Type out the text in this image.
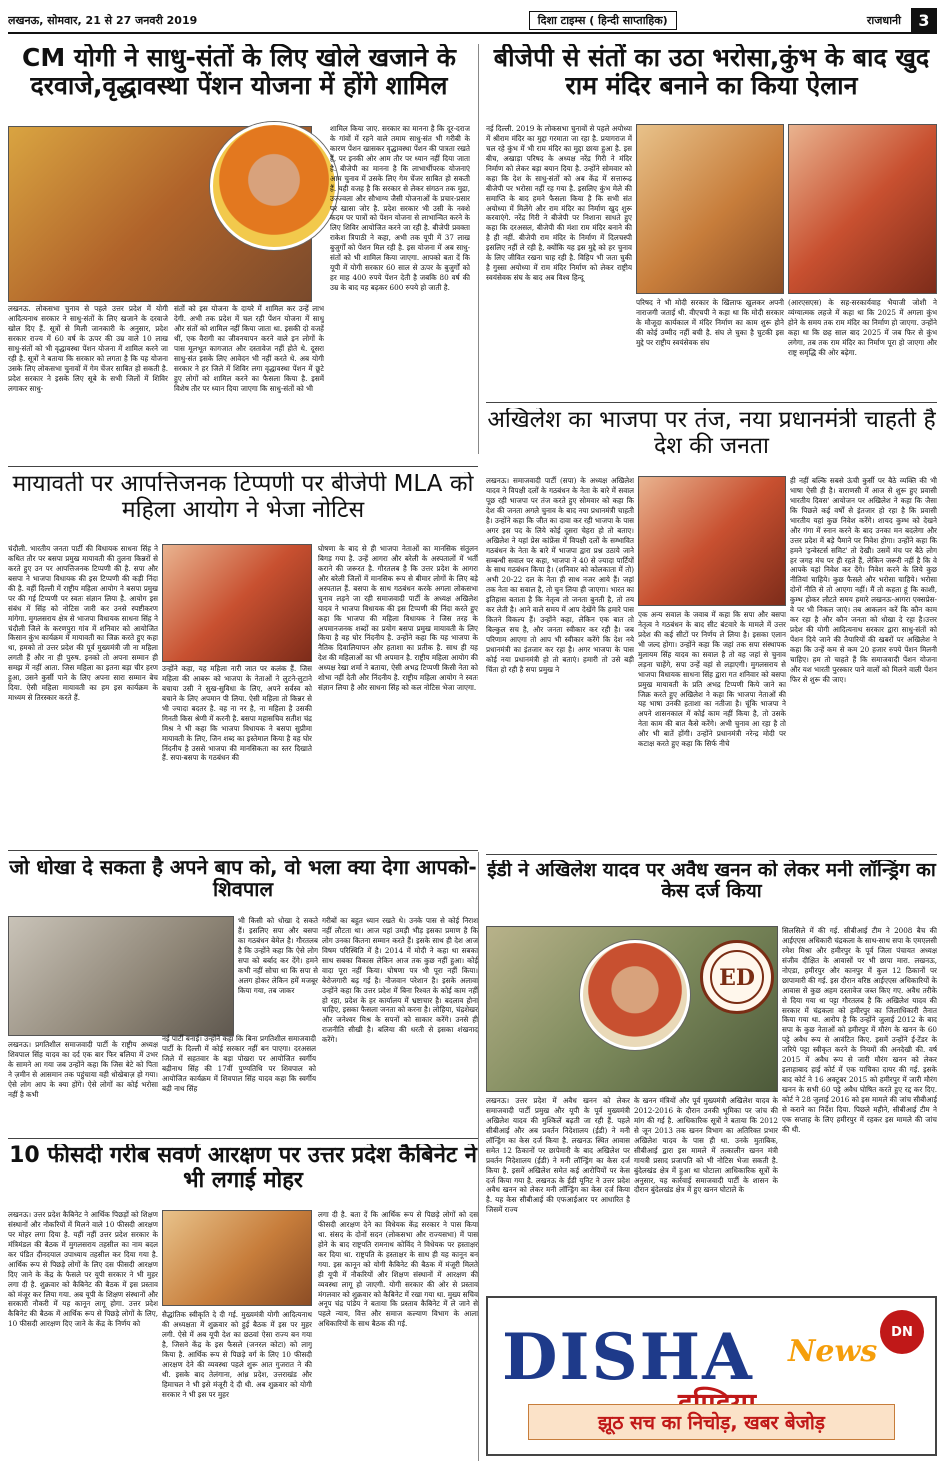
लखनऊ, सोमवार, 21 से 27 जनवरी 2019	दिशा टाइम्स ( हिन्दी साप्ताहिक)	राजधानी	3
CM योगी ने साधु-संतों के लिए खोले खजाने के दरवाजे,वृद्धावस्था पेंशन योजना में होंगे शामिल
शामिल किया जाए. सरकार का मानना है कि दूर-दराज के गांवों में रहने वाले तमाम साधु-संत भी गरीबी के कारण पेंशन खासकर वृद्धावस्था पेंशन की पात्रता रखते हैं, पर इनकी ओर आम तौर पर ध्यान नहीं दिया जाता है. बीजेपी का मानना है कि लाभार्थीपरक योजनाएं आम चुनाव में उसके लिए गेम चेंजर साबित हो सकती हैं. यही वजह है कि सरकार से लेकर संगठन तक मुद्रा, उज्ज्वला और सौभाग्य जैसी योजनाओं के प्रचार-प्रसार पर खासा जोर है. प्रदेश सरकार भी उसी के नक्शे कदम पर पात्रों को पेंशन योजना से लाभान्वित करने के लिए शिविर आयोजित करने जा रही है. बीजेपी प्रवक्ता राकेश त्रिपाठी ने कहा, अभी तक यूपी में 37 लाख बुजुर्गों को पेंशन मिल रही है. इस योजना में अब साधु-संतों को भी शामिल किया जाएगा. आपको बता दें कि यूपी में योगी सरकार 60 साल से ऊपर के बुजुर्गों को हर माह 400 रुपये पेंशन देती है जबकि 80 वर्ष की उम्र के बाद यह बढ़कर 600 रुपये हो जाती है.
लखनऊ. लोकसभा चुनाव से पहले उत्तर प्रदेश में योगी आदित्यनाथ सरकार ने साधु-संतों के लिए खजाने के दरवाजे खोल दिए हैं. सूत्रों से मिली जानकारी के अनुसार, प्रदेश सरकार राज्य में 60 वर्ष के ऊपर की उम्र वाले 10 लाख साधु-संतों को भी वृद्धावस्था पेंशन योजना में शामिल करने जा रही है. सूत्रों ने बताया कि सरकार को लगता है कि यह योजना उसके लिए लोकसभा चुनावों में गेम चेंजर साबित हो सकती है. प्रदेश सरकार ने इसके लिए सूबे के सभी जिलों में शिविर लगाकर साधु-
संतों को इस योजना के दायरे में शामिल कर उन्हें लाभ देगी. अभी तक प्रदेश में चल रही पेंशन योजना में साधु और संतों को शामिल नहीं किया जाता था. इसकी दो वजहें थीं, एक वैरागी का जीवनयापन करने वाले इन लोगों के पास मूलभूत कागजात और दस्तावेज नहीं होते थे. दूसरा साधु-संत इसके लिए आवेदन भी नहीं करते थे. अब योगी सरकार ने हर जिले में शिविर लगा वृद्धावस्था पेंशन में छूटे हुए लोगों को शामिल करने का फैसला किया है. इसमें विशेष तौर पर ध्यान दिया जाएगा कि साधु-संतों को भी
बीजेपी से संतों का उठा भरोसा,कुंभ के बाद खुद राम मंदिर बनाने का किया ऐलान
नई दिल्ली. 2019 के लोकसभा चुनावों से पहले अयोध्या में श्रीराम मंदिर का मुद्दा गरमाता जा रहा है. प्रयागराज में चल रहे कुंभ में भी राम मंदिर का मुद्दा छाया हुआ है. इस बीच, अखाड़ा परिषद के अध्यक्ष नरेंद्र गिरी ने मंदिर निर्माण को लेकर बड़ा बयान दिया है. उन्होंने सोमवार को कहा कि देश के साधु-संतों को अब केंद्र में सत्तारूढ़ बीजेपी पर भरोसा नहीं रह गया है. इसलिए कुंभ मेले की समाप्ति के बाद हमने फैसला किया है कि सभी संत अयोध्या में मिलेंगे और राम मंदिर का निर्माण खुद शुरू करवाएंगे. नरेंद्र गिरी ने बीजेपी पर निशाना साधते हुए कहा कि दरअसल, बीजेपी की मंशा राम मंदिर बनाने की है ही नहीं. बीजेपी राम मंदिर के निर्माण में दिलचस्पी इसलिए नहीं ले रही है, क्योंकि यह इस मुद्दे को हर चुनाव के लिए जीवित रखना चाह रही है. विहिप भी जता चुकी है गुस्सा अयोध्या में राम मंदिर निर्माण को लेकर राष्ट्रीय स्वयंसेवक संघ के बाद अब विश्व हिन्दू
परिषद ने भी मोदी सरकार के खिलाफ खुलकर अपनी नाराजगी जताई थी. वीएचपी ने कहा था कि मोदी सरकार के मौजूदा कार्यकाल में मंदिर निर्माण का काम शुरू होने की कोई उम्मीद नहीं बची है. संघ ले चुका है चुटकी इस मुद्दे पर राष्ट्रीय स्वयंसेवक संघ
(आरएसएस) के सह-सरकार्यवाह भैयाजी जोशी ने व्यंग्यात्मक लहजे में कहा था कि 2025 में अगला कुंभ होने के समय तक राम मंदिर का निर्माण हो जाएगा. उन्होंने कहा था कि छह साल बाद 2025 में जब फिर से कुंभ लगेगा, तब तक राम मंदिर का निर्माण पूरा हो जाएगा और राष्ट्र समृद्धि की ओर बढ़ेगा.
अखिलेश का भाजपा पर तंज, नया प्रधानमंत्री चाहती है देश की जनता
लखनऊ। समाजवादी पार्टी (सपा) के अध्यक्ष अखिलेश यादव ने विपक्षी दलों के गठबंधन के नेता के बारे में सवाल पूछ रही भाजपा पर तंज करते हुए सोमवार को कहा कि देश की जनता अगले चुनाव के बाद नया प्रधानमंत्री चाहती है। उन्होंने कहा कि जीत का दावा कर रही भाजपा के पास अगर इस पद के लिये कोई दूसरा चेहरा हो तो बताए। अखिलेश ने यहां प्रेस कांफ्रेंस में विपक्षी दलों के सम्भावित गठबंधन के नेता के बारे में भाजपा द्वारा प्रश्न उठाये जाने सम्बन्धी सवाल पर कहा, भाजपा ने 40 से ज्यादा पार्टियों के साथ गठबंधन किया है। (शनिवार को कोलकाता में तो) अभी 20-22 दल के नेता ही साथ नजर आये हैं। जहां तक नेता का सवाल है, तो चुन लिया ही जाएगा। भारत का इतिहास बताता है कि नेतृत्व तो जनता बुनती है, तो तय कर लेती है। आने वाले समय में आप देखेंगे कि हमारे पास कितने विकल्प हैं। उन्होंने कहा, लेकिन एक बात तो बिल्कुल सच है, और जनता स्वीकार कर रही है। जब परिणाम आएगा तो आप भी स्वीकार करेंगे कि देश नये प्रधानमंत्री का इंतजार कर रहा है। अगर भाजपा के पास कोई नया प्रधानमंत्री हो तो बताएं। हमारी तो उसे बड़ी चिंता हो रही है सपा प्रमुख ने
एक अन्य सवाल के जवाब में कहा कि सपा और बसपा नेतृत्व ने गठबंधन के बाद सीट बंटवारे के मामले में उत्तर प्रदेश की कई सीटों पर निर्णय ले लिया है। इसका एलान भी जल्द होगा। उन्होंने कहा कि जहां तक सपा संस्थापक मुलायम सिंह यादव का सवाल है तो वह जहां से चुनाव लड़ना चाहेंगे, सपा उन्हें वहां से लड़ाएगी। मुगलसराय से भाजपा विधायक साधना सिंह द्वारा गत शनिवार को बसपा प्रमुख मायावती के प्रति अभद्र टिप्पणी किये जाने का जिक्र करते हुए अखिलेश ने कहा कि भाजपा नेताओं की यह भाषा उनकी हताशा का नतीजा है। चूंकि भाजपा ने अपने शासनकाल में कोई काम नहीं किया है, तो उसके नेता काम की बात कैसे करेंगे। अभी चुनाव आ रहा है तो और भी बातें होंगी। उन्होंने प्रधानमंत्री नरेन्द्र मोदी पर कटाक्ष करते हुए कहा कि सिर्फ नीचे
ही नहीं बल्कि सबसे ऊंची कुर्सी पर बैठे व्यक्ति की भी भाषा ऐसी ही है। वाराणसी में आज से शुरू हुए प्रवासी भारतीय दिवस' आयोजन पर अखिलेश ने कहा कि जैसा कि पिछले कई वर्षों से इंतजार हो रहा है कि प्रवासी भारतीय यहां कुछ निवेश करेंगे। शायद कुम्भ को देखने और गंगा में स्नान करने के बाद उनका मन बदलेगा और उत्तर प्रदेश में बड़े पैमाने पर निवेश होगा। उन्होंने कहा कि हमने 'इन्वेस्टर्स समिट' तो देखी। उसमें मंच पर बैठे लोग हर जगह मंच पर ही रहते हैं, लेकिन जरूरी नहीं है कि वे आपके यहां निवेश कर देंगे। निवेश करने के लिये कुछ नीतियां चाहिये। कुछ फैसले और भरोसा चाहिये। भरोसा दोनों नीति से तो आएगा नहीं। मैं तो कहता हूं कि काशी, कुम्भ होकर लौटते समय हमारे लखनऊ-आगरा एक्सप्रेस-वे पर भी निकल जाएं। तब आकलन करें कि कौन काम कर रहा है और कौन जनता को धोखा दे रहा है।उत्तर प्रदेश की योगी आदित्यनाथ सरकार द्वारा साधु-संतों को पेंशन दिये जाने की तैयारियों की खबरों पर अखिलेश ने कहा कि उन्हें कम से कम 20 हजार रुपये पेंशन मिलनी चाहिए। हम तो चाहते हैं कि समाजवादी पेंशन योजना और यश भारती पुरस्कार पाने वालों को मिलने वाली पेंशन फिर से शुरू की जाए।
मायावती पर आपत्तिजनक टिप्पणी पर बीजेपी MLA को महिला आयोग ने भेजा नोटिस
चंदौली. भारतीय जनता पार्टी की विधायक साधना सिंह ने कथित तौर पर बसपा प्रमुख मायावती की तुलना किन्नरों से करते हुए उन पर आपत्तिजनक टिप्पणी की है. सपा और बसपा ने भाजपा विधायक की इस टिप्पणी की कड़ी निंदा की है. वहीं दिल्ली में राष्ट्रीय महिला आयोग ने बसपा प्रमुख पर की गई टिप्पणी पर स्वतः संज्ञान लिया है. आयोग इस संबंध में सिंह को नोटिस जारी कर उनसे स्पष्टीकरण मांगेगा. मुगलसराय क्षेत्र से भाजपा विधायक साधना सिंह ने चंदौली जिले के करणपुरा गांव में शनिवार को आयोजित किसान कुंभ कार्यक्रम में मायावती का जिक्र करते हुए कहा था, हमको तो उत्तर प्रदेश की पूर्व मुख्यमंत्री जी ना महिला लगती हैं और ना ही पुरुष. इनको तो अपना सम्मान ही समझ में नहीं आता. जिस महिला का इतना बड़ा चीर हरण हुआ, उसने कुर्सी पाने के लिए अपना सारा सम्मान बेच दिया. ऐसी महिला मायावती का हम इस कार्यक्रम के माध्यम से तिरस्कार करते हैं.
उन्होंने कहा, यह महिला नारी जात पर कलंक हैं. जिस महिला की आबरू को भाजपा के नेताओं ने लुटने-लुटाने बचाया उसी ने सुख-सुविधा के लिए, अपने सर्वस्व को बचाने के लिए अपमान पी लिया. ऐसी महिला तो किन्नर से भी ज्यादा बदतर है. वह ना नर है, ना महिला है उसकी गिनती किस श्रेणी में करनी है. बसपा महासचिव सतीश चंद्र मिश्र ने भी कहा कि भाजपा विधायक ने बसपा सुप्रीमा मायावती के लिए, जिन शब्द का इस्तेमाल किया है वह घोर निंदनीय है उससे भाजपा की मानसिकता का स्तर दिखाते हैं. सपा-बसपा के गठबंधन की
घोषणा के बाद से ही भाजपा नेताओं का मानसिक संतुलन बिगड़ गया है. उन्हें आगरा और बरेली के अस्पतालों में भर्ती कराने की जरूरत है. गौरतलब है कि उत्तर प्रदेश के आगरा और बरेली जिलों में मानसिक रूप से बीमार लोगों के लिए बड़े अस्पताल हैं. बसपा के साथ गठबंधन करके अगला लोकसभा चुनाव लड़ने जा रही समाजवादी पार्टी के अध्यक्ष अखिलेश यादव ने भाजपा विधायक की इस टिप्पणी की निंदा करते हुए कहा कि भाजपा की महिला विधायक ने जिस तरह के अपमानजनक शब्दों का प्रयोग बसपा प्रमुख मायावती के लिए किया है वह घोर निंदनीय है. उन्होंने कहा कि यह भाजपा के नैतिक दिवालियापन और हताशा का प्रतीक है. साथ ही यह देश की महिलाओं का भी अपमान है. राष्ट्रीय महिला आयोग की अध्यक्ष रेखा शर्मा ने बताया, ऐसी अभद्र टिप्पणी किसी नेता को शोभा नहीं देती और निंदनीय है. राष्ट्रीय महिला आयोग ने स्वतः संज्ञान लिया है और साधना सिंह को कल नोटिस भेजा जाएगा.
जो धोखा दे सकता है अपने बाप को, वो भला क्या देगा आपको- शिवपाल
भी किसी को धोखा दे सकते हैं। इसलिए सपा और बसपा का गठबंधन बेमेल है। गौरतलब है कि उन्होंने कहा कि ऐसे लोग सपा को बर्बाद कर देंगे। हमने कभी नहीं सोचा था कि सपा से अलग होकर लेकिन हमें मजबूर किया गया, तब जाकर
लखनऊ। प्रगतिशील समाजवादी पार्टी के राष्ट्रीय अध्यक्ष शिवपाल सिंह यादव का दर्द एक बार फिर बलिया में उभर के सामने आ गया जब उन्होंने कहा कि जिस बेटे को पिता ने ज़मीन से आसमान तक पहुंचाया वही धोखेबाज़ हो गया। ऐसे लोग आप के क्या होंगे। ऐसे लोगों का कोई भरोसा नहीं है कभी
नई पार्टी बनाई। उन्होंने कहा कि बिना प्रगतिशील समाजवादी पार्टी के दिल्ली में कोई सरकार नहीं बन पाएगा। दरअसल जिले में सहतवार के बड़ा पोखरा पर आयोजित स्वर्गीय बद्रीनाथ सिंह की 17वीं पुण्यतिथि पर शिवपाल को आयोजित कार्यक्रम में शिवपाल सिंह यादव कहा कि स्वर्गीय बद्री नाथ सिंह
गरीबों का बहुत ध्यान रखते थे। उनके पास से कोई निराश नहीं लौटता था। आज यहां उमड़ी भीड़ इसका प्रमाण है कि लोग उनका कितना सम्मान करते हैं। इसके साथ ही देश आज विषम परिस्थिति में है। 2014 में मोदी ने कहा था सबका साथ सबका विकास लेकिन आज तक कुछ नहीं हुआ। कोई वादा पूरा नहीं किया। घोषणा पत्र भी पूरा नहीं किया। बेरोजगारी बढ़ गई है। नौजवान परेशान है। इसके अलावा उन्होंने कहा कि उत्तर प्रदेश में बिना रिश्वत के कोई काम नहीं हो रहा, प्रदेश के हर कार्यालय में भ्रष्टाचार है। बदलाव होना चाहिए, इसका फैसला जनता को करना है। लोहिया, चंद्रशेखर और जनेश्वर मिश्र के सपनों को साकार करेंगे। उनसे ही राजनीति सीखी है। बलिया की धरती से इसका शंखनाद करेंगे।
ईडी ने अखिलेश यादव पर अवैध खनन को लेकर मनी लॉन्ड्रिंग का केस दर्ज किया
ED
सिलसिले में की गई. सीबीआई टीम ने 2008 बैच की आईएएस अधिकारी चंद्रकला के साथ-साथ सपा के एमएलसी रमेश मिश्रा और हमीरपुर के पूर्व जिला पंचायत अध्यक्ष संजीव दीक्षित के आवासों पर भी छापा मारा. लखनऊ, नोएडा, हमीरपुर और कानपुर में कुल 12 ठिकानों पर छापामारी की गई. इस दौरान वरिष्ठ आईएएस अधिकारियों के आवास से कुछ अहम दस्तावेज जब्त किए गए. अवैध तरीके से दिया गया था पट्टा गौरतलब है कि अखिलेश यादव की सरकार में चंद्रकला को हमीरपुर का जिलाधिकारी तैनात किया गया था. आरोप है कि उन्होंने जुलाई 2012 के बाद सपा के कुछ नेताओं को हमीरपुर में मौरंग के खनन के 60 पट्टे अवैध रूप से आवंटित किए. इसमें उन्होंने ई-टेंडर के जरिये पट्टा स्वीकृत करने के नियमों की अनदेखी की. वर्ष 2015 में अवैध रूप से जारी मौरंग खनन को लेकर इलाहाबाद हाई कोर्ट में एक याचिका दायर की गई. इसके बाद कोर्ट ने 16 अक्टूबर 2015 को हमीरपुर में जारी मौरंग खनन के सभी 60 पट्टे अवैध घोषित करते हुए रद्द कर दिए. कोर्ट ने 28 जुलाई 2016 को इस मामले की जांच सीबीआई से कराने का निर्देश दिया. पिछले महीने, सीबीआई टीम ने एक सप्ताह के लिए हमीरपुर में रहकर इस मामले की जांच की थी.
लखनऊ। उत्तर प्रदेश में अवैध खनन को लेकर समाजवादी पार्टी प्रमुख और यूपी के पूर्व मुख्यमंत्री अखिलेश यादव की मुश्किलें बढ़ती जा रही हैं. पहले सीबीआई और अब प्रवर्तन निदेशालय (ईडी) ने मनी लॉन्ड्रिंग का केस दर्ज किया है. लखनऊ स्थित आवास समेत 12 ठिकानों पर छापेमारी के बाद अखिलेश पर प्रवर्तन निदेशालय (ईडी) ने मनी लॉन्ड्रिंग का केस दर्ज किया है. इसमें अखिलेश समेत कई आरोपियों पर केस दर्ज किया गया है. लखनऊ के ईडी यूनिट ने उत्तर प्रदेश अवैध खनन को लेकर मनी लॉन्ड्रिंग का केस दर्ज किया है. यह केस सीबीआई की एफआईआर पर आधारित है जिसमें राज्य
के खनन मंत्रियों और पूर्व मुख्यमंत्री अखिलेश यादव के 2012-2016 के दौरान उनकी भूमिका पर जांच की मांग की गई है. आधिकारिक सूत्रों ने बताया कि 2012 से जून 2013 तक खनन विभाग का अतिरिक्त प्रभार अखिलेश यादव के पास ही था. उनके मुताबिक, सीबीआई द्वारा इस मामले में तत्कालीन खनन मंत्री गायत्री प्रसाद प्रजापति को भी नोटिस भेजा सकती है. बुंदेलखंड क्षेत्र में हुआ था घोटाला आधिकारिक सूत्रों के अनुसार, यह कार्रवाई समाजवादी पार्टी के शासन के दौरान बुंदेलखंड क्षेत्र में हुए खनन घोटाले के
10 फीसदी गरीब सवर्ण आरक्षण पर उत्तर प्रदेश कैबिनेट ने भी लगाई मोहर
लखनऊ। उत्तर प्रदेश कैबिनेट ने आर्थिक पिछड़ों को शिक्षण संस्थानों और नौकरियों में मिलने वाले 10 फीसदी आरक्षण पर मोहर लगा दिया है. यहीं नहीं उत्तर प्रदेश सरकार के मंत्रिमंडल की बैठक में मुगलसराय तहसील का नाम बदल कर पंडित दीनदयाल उपाध्याय तहसील कर दिया गया है. आर्थिक रूप से पिछड़े लोगों के लिए दस फीसदी आरक्षण दिए जाने के केंद्र के फैसले पर यूपी सरकार ने भी मुहर लगा दी है. शुक्रवार को कैबिनेट की बैठक में इस प्रस्ताव को मंजूर कर लिया गया. अब यूपी के शिक्षण संस्थानों और सरकारी नौकरी में यह कानून लागू होगा. उत्तर प्रदेश कैबिनेट की बैठक में आर्थिक रूप से पिछड़े लोगों के लिए, 10 फीसदी आरक्षण दिए जाने के केंद्र के निर्णय को
सैद्धांतिक स्वीकृति दे दी गई. मुख्यमंत्री योगी आदित्यनाथ की अध्यक्षता में शुक्रवार को हुई बैठक में इस पर मुहर लगी. ऐसे में अब यूपी देश का छठवां ऐसा राज्य बन गया है, जिसने केंद्र के इस फैसले (जनरल कोटा) को लागू किया है. आर्थिक रूप से पिछड़े वर्ग के लिए 10 फीसदी आरक्षण देने की व्यवस्था पहले शुरू आत गुजरात ने की थी. इसके बाद तेलंगाना, आंध्र प्रदेश, उत्तराखंड और हिमाचल ने भी इसे मंजूरी दे दी थी. अब शुक्रवार को योगी सरकार ने भी इस पर मुहर
लगा दी है. बता दें कि आर्थिक रूप से पिछड़े लोगों को दस फीसदी आरक्षण देने का विधेयक केंद्र सरकार ने पास किया था. संसद के दोनों सदन (लोकसभा और राज्यसभा) में पास होने के बाद राष्ट्रपति रामनाथ कोविंद ने विधेयक पर हस्ताक्षर कर दिया था. राष्ट्रपति के हस्ताक्षर के साथ ही यह कानून बन गया. इस कानून को योगी कैबिनेट की बैठक में मंजूरी मिलते ही यूपी में नौकरियों और शिक्षण संस्थानों में आरक्षण की व्यवस्था लागू हो जाएगी. योगी सरकार की ओर से प्रस्ताव मंगलवार को शुक्रवार को कैबिनेट में रखा गया था. मुख्य सचिव अनूप चंद्र पांडेय ने बताया कि प्रस्ताव कैबिनेट में ले जाने से पहले न्याय, वित्त और समाज कल्याण विभाग के आला अधिकारियों के साथ बैठक की गई.	DISHA News
DN
झूठ सच का निचोड़, खबर बेजोड़
